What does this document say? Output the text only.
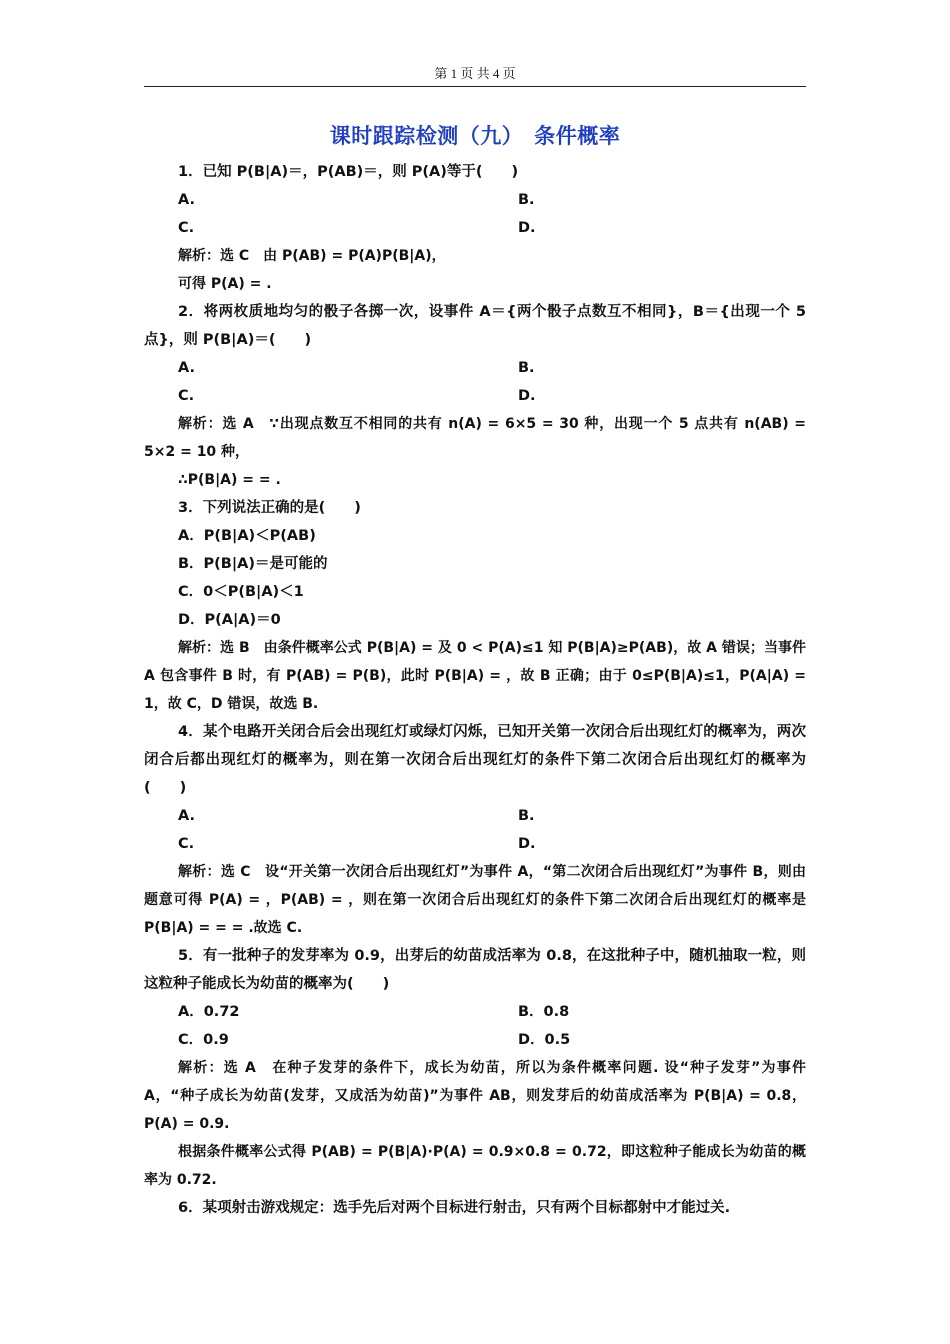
第 1 页 共 4 页
课时跟踪检测（九）　条件概率

1．已知 P(B|A)＝，P(AB)＝，则 P(A)等于(　　)

A.	B.
C.	D.

解析：选 C　由 P(AB) = P(A)P(B|A)，

可得 P(A) = .

2．将两枚质地均匀的骰子各掷一次，设事件 A＝{两个骰子点数互不相同}，B＝{出现一个 5 点}，则 P(B|A)＝(　　)

A.	B.
C.	D.

解析：选 A　∵出现点数互不相同的共有 n(A) = 6×5 = 30 种，出现一个 5 点共有 n(AB) = 5×2 = 10 种，

∴P(B|A) = = .

3．下列说法正确的是(　　)

A．P(B|A)＜P(AB)

B．P(B|A)＝是可能的

C．0＜P(B|A)＜1

D．P(A|A)＝0

解析：选 B　由条件概率公式 P(B|A) = 及 0 < P(A)≤1 知 P(B|A)≥P(AB)，故 A 错误；当事件 A 包含事件 B 时，有 P(AB) = P(B)，此时 P(B|A) = ，故 B 正确；由于 0≤P(B|A)≤1，P(A|A) = 1，故 C，D 错误，故选 B.

4．某个电路开关闭合后会出现红灯或绿灯闪烁，已知开关第一次闭合后出现红灯的概率为，两次闭合后都出现红灯的概率为，则在第一次闭合后出现红灯的条件下第二次闭合后出现红灯的概率为(　　)

A.	B.
C.	D.

解析：选 C　设“开关第一次闭合后出现红灯”为事件 A，“第二次闭合后出现红灯”为事件 B，则由题意可得 P(A) = ，P(AB) = ，则在第一次闭合后出现红灯的条件下第二次闭合后出现红灯的概率是 P(B|A) = = = .故选 C.

5．有一批种子的发芽率为 0.9，出芽后的幼苗成活率为 0.8，在这批种子中，随机抽取一粒，则这粒种子能成长为幼苗的概率为(　　)

A．0.72	B．0.8
C．0.9	D．0.5

解析：选 A　在种子发芽的条件下，成长为幼苗，所以为条件概率问题. 设“种子发芽”为事件 A，“种子成长为幼苗(发芽，又成活为幼苗)”为事件 AB，则发芽后的幼苗成活率为 P(B|A) = 0.8，P(A) = 0.9.

根据条件概率公式得 P(AB) = P(B|A)·P(A) = 0.9×0.8 = 0.72，即这粒种子能成长为幼苗的概率为 0.72.

6．某项射击游戏规定：选手先后对两个目标进行射击，只有两个目标都射中才能过关.
